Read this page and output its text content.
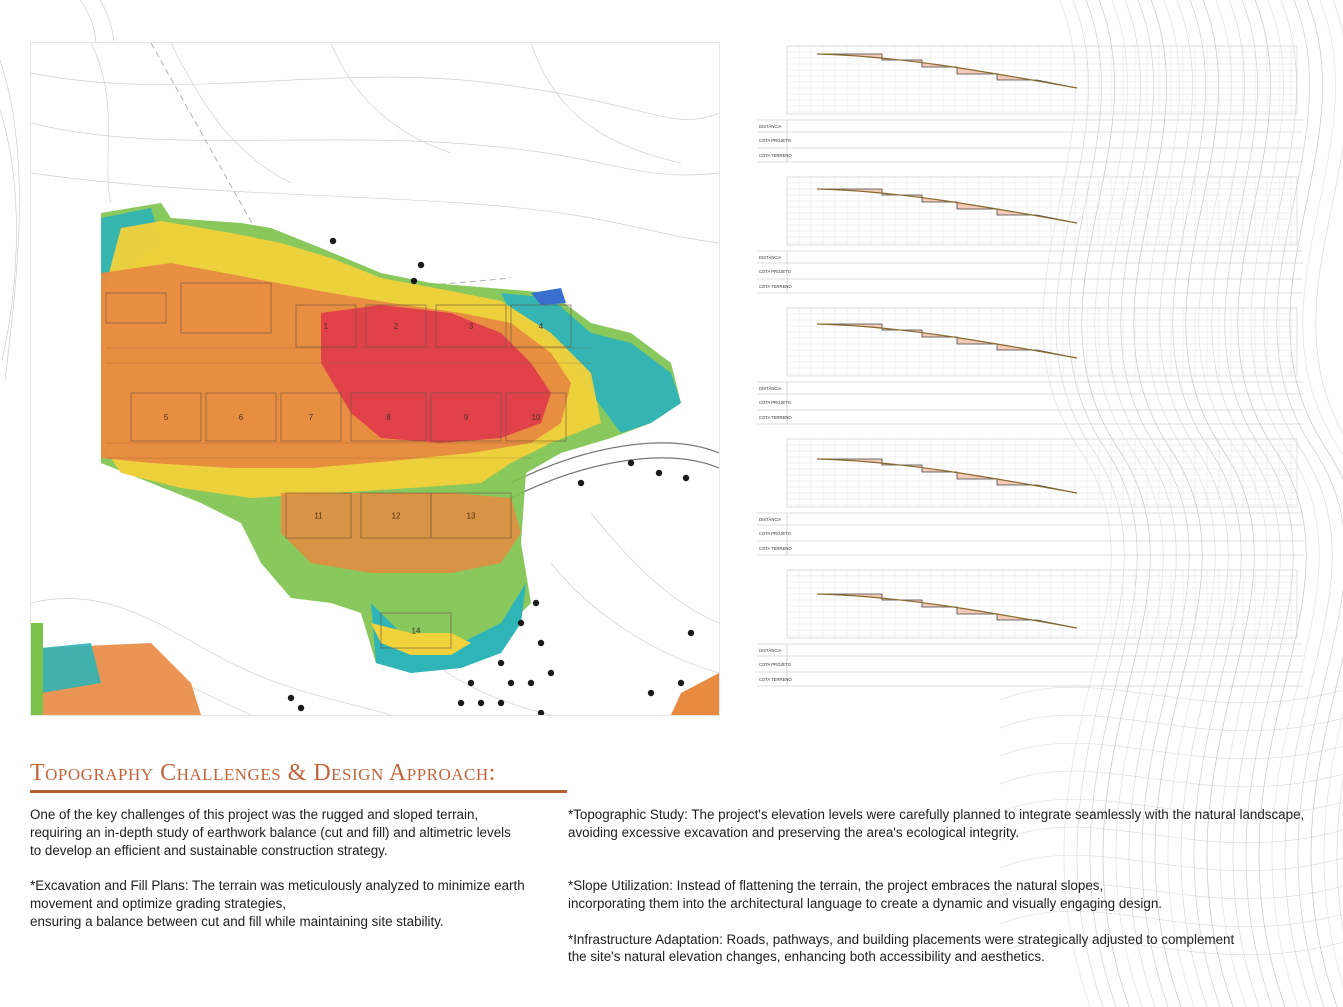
1	2	3	4
5	6	7	8	9	10
11	12	13
14
DISTÂNCIA
COTA PROJETO
COTA TERRENO
DISTÂNCIA
COTA PROJETO
COTA TERRENO
DISTÂNCIA
COTA PROJETO
COTA TERRENO
DISTÂNCIA
COTA PROJETO
COTA TERRENO
DISTÂNCIA
COTA PROJETO
COTA TERRENO
Topography Challenges & Design Approach:

One of the key challenges of this project was the rugged and sloped terrain,

requiring an in-depth study of earthwork balance (cut and fill) and altimetric levels

to develop an efficient and sustainable construction strategy.

*Excavation and Fill Plans: The terrain was meticulously analyzed to minimize earth

movement and optimize grading strategies,

ensuring a balance between cut and fill while maintaining site stability.

*Topographic Study: The project's elevation levels were carefully planned to integrate seamlessly with the natural landscape,

avoiding excessive excavation and preserving the area's ecological integrity.

*Slope Utilization: Instead of flattening the terrain, the project embraces the natural slopes,

incorporating them into the architectural language to create a dynamic and visually engaging design.

*Infrastructure Adaptation: Roads, pathways, and building placements were strategically adjusted to complement

the site's natural elevation changes, enhancing both accessibility and aesthetics.
